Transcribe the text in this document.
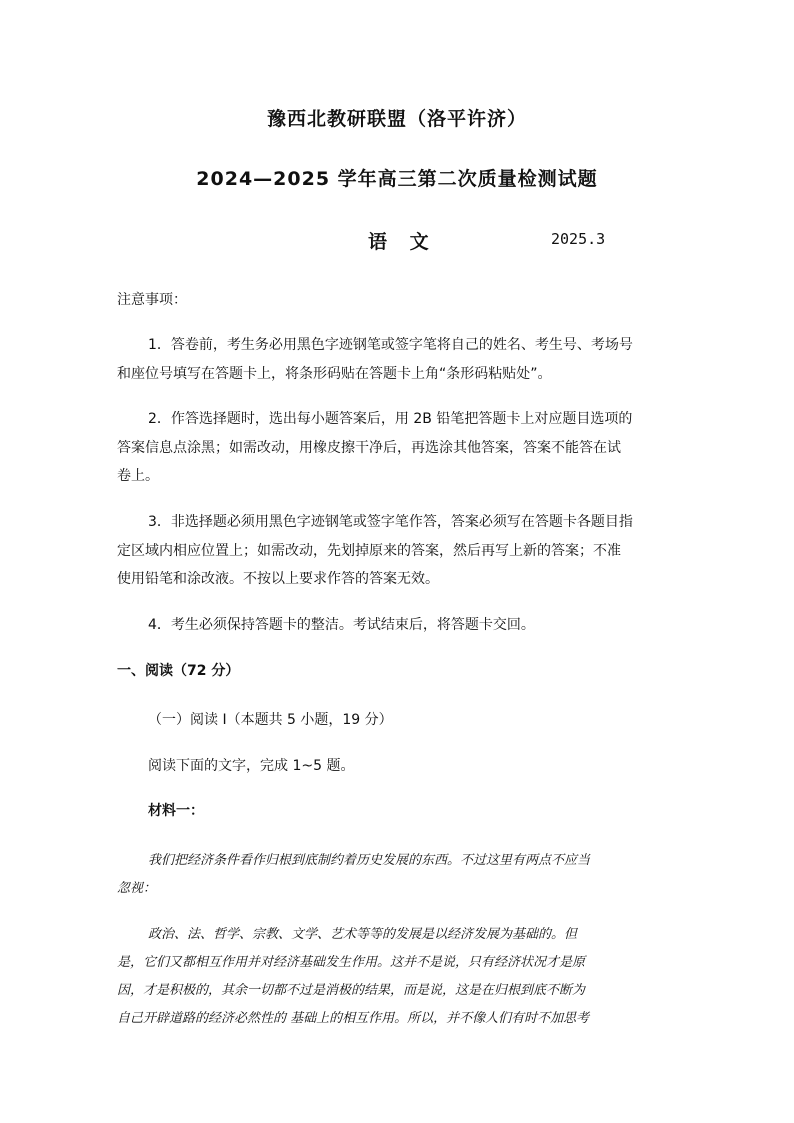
豫西北教研联盟（洛平许济）
2024—2025 学年高三第二次质量检测试题
语 文	2025.3
注意事项：
1．答卷前，考生务必用黑色字迹钢笔或签字笔将自己的姓名、考生号、考场号
和座位号填写在答题卡上，将条形码贴在答题卡上角“条形码粘贴处”。
2．作答选择题时，选出每小题答案后，用 2B 铅笔把答题卡上对应题目选项的
答案信息点涂黑；如需改动，用橡皮擦干净后，再选涂其他答案，答案不能答在试
卷上。
3．非选择题必须用黑色字迹钢笔或签字笔作答，答案必须写在答题卡各题目指
定区域内相应位置上；如需改动，先划掉原来的答案，然后再写上新的答案；不准
使用铅笔和涂改液。不按以上要求作答的答案无效。
4．考生必须保持答题卡的整洁。考试结束后，将答题卡交回。
一、阅读（72 分）
（一）阅读 I（本题共 5 小题，19 分）
阅读下面的文字，完成 1~5 题。
材料一：
我们把经济条件看作归根到底制约着历史发展的东西。不过这里有两点不应当
忽视：
政治、法、哲学、宗教、文学、艺术等等的发展是以经济发展为基础的。但
是，它们又都相互作用并对经济基础发生作用。这并不是说，只有经济状况才是原
因，才是积极的，其余一切都不过是消极的结果，而是说，这是在归根到底不断为
自己开辟道路的经济必然性的 基础上的相互作用。所以，并不像人们有时不加思考
